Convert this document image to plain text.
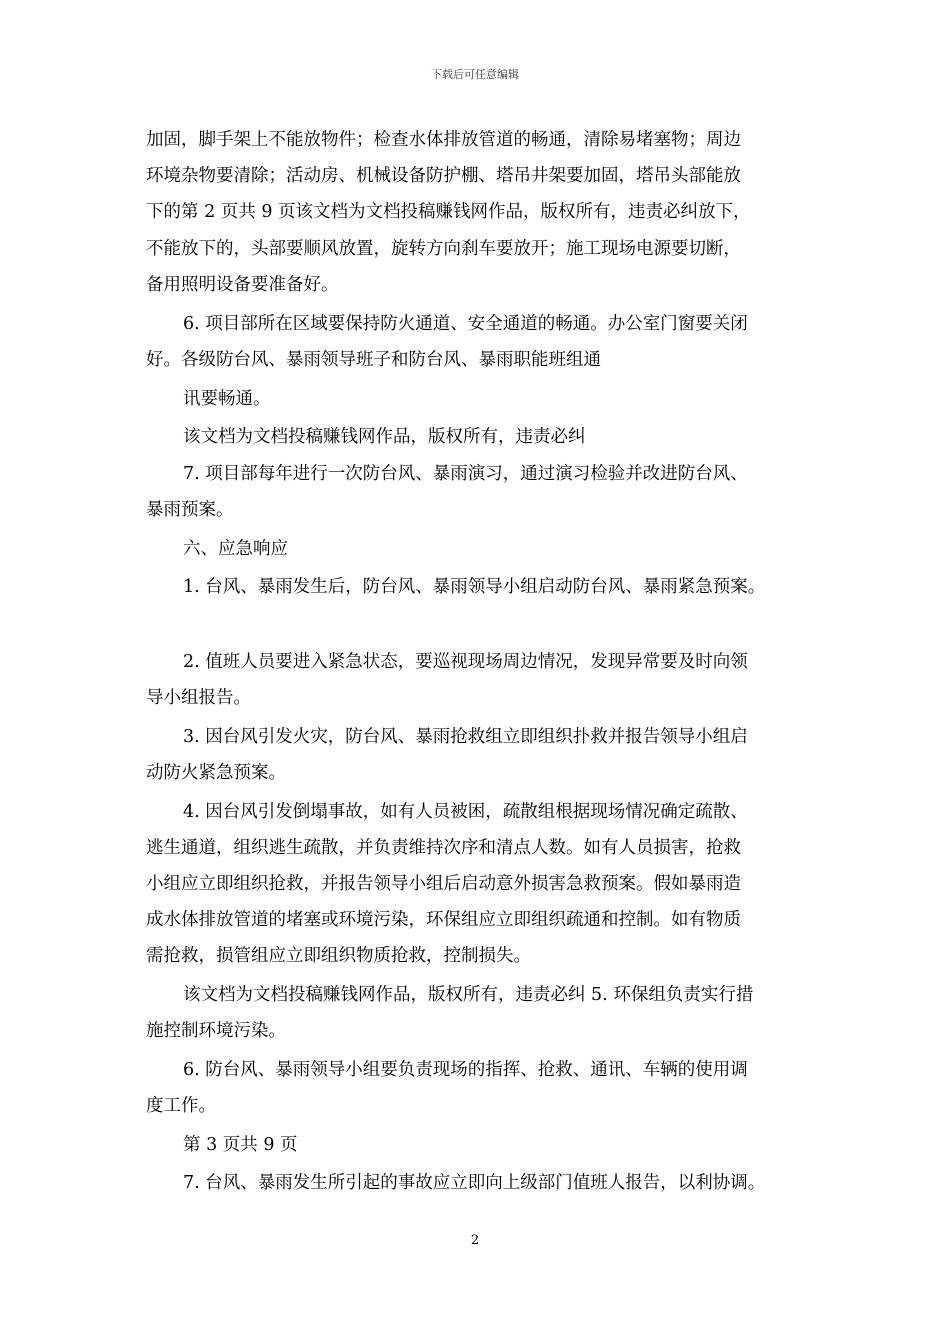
下载后可任意编辑
加固，脚手架上不能放物件；检查水体排放管道的畅通，清除易堵塞物；周边
环境杂物要清除；活动房、机械设备防护棚、塔吊井架要加固，塔吊头部能放
下的第 2 页共 9 页该文档为文档投稿赚钱网作品，版权所有，违责必纠放下，
不能放下的，头部要顺风放置，旋转方向刹车要放开；施工现场电源要切断，
备用照明设备要准备好。
6. 项目部所在区域要保持防火通道、安全通道的畅通。办公室门窗要关闭
好。各级防台风、暴雨领导班子和防台风、暴雨职能班组通
讯要畅通。
该文档为文档投稿赚钱网作品，版权所有，违责必纠
7. 项目部每年进行一次防台风、暴雨演习，通过演习检验并改进防台风、
暴雨预案。
六、应急响应
1. 台风、暴雨发生后，防台风、暴雨领导小组启动防台风、暴雨紧急预案。
2. 值班人员要进入紧急状态，要巡视现场周边情况，发现异常要及时向领
导小组报告。
3. 因台风引发火灾，防台风、暴雨抢救组立即组织扑救并报告领导小组启
动防火紧急预案。
4. 因台风引发倒塌事故，如有人员被困，疏散组根据现场情况确定疏散、
逃生通道，组织逃生疏散，并负责维持次序和清点人数。如有人员损害，抢救
小组应立即组织抢救，并报告领导小组后启动意外损害急救预案。假如暴雨造
成水体排放管道的堵塞或环境污染，环保组应立即组织疏通和控制。如有物质
需抢救，损管组应立即组织物质抢救，控制损失。
该文档为文档投稿赚钱网作品，版权所有，违责必纠 5. 环保组负责实行措
施控制环境污染。
6. 防台风、暴雨领导小组要负责现场的指挥、抢救、通讯、车辆的使用调
度工作。
第 3 页共 9 页
7. 台风、暴雨发生所引起的事故应立即向上级部门值班人报告，以利协调。
2
